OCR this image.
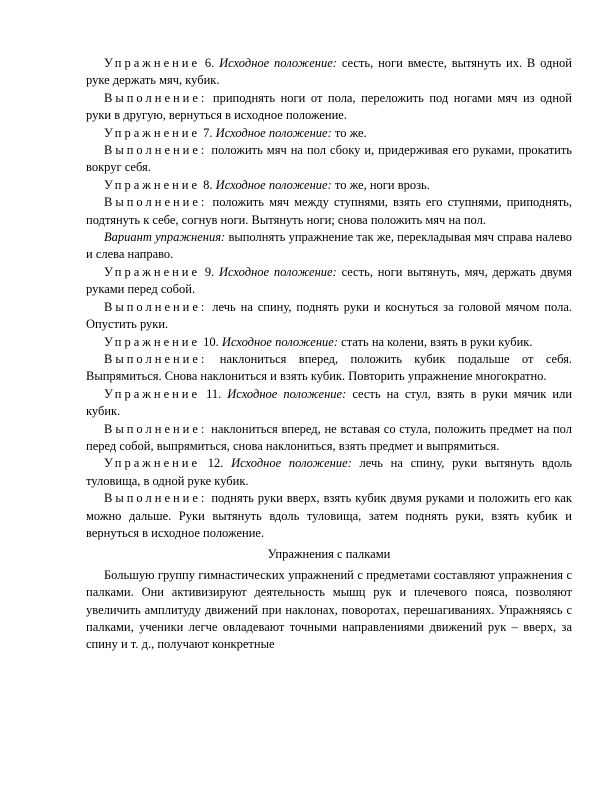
Упражнение 6. Исходное положение: сесть, ноги вместе, вытянуть их. В одной руке держать мяч, кубик.

Выполнение: приподнять ноги от пола, переложить под ногами мяч из одной руки в другую, вернуться в исходное положение.

Упражнение 7. Исходное положение: то же.

Выполнение: положить мяч на пол сбоку и, придерживая его руками, прокатить вокруг себя.

Упражнение 8. Исходное положение: то же, ноги врозь.

Выполнение: положить мяч между ступнями, взять его ступнями, приподнять, подтянуть к себе, согнув ноги. Вытянуть ноги; снова положить мяч на пол.

Вариант упражнения: выполнять упражнение так же, перекладывая мяч справа налево и слева направо.

Упражнение 9. Исходное положение: сесть, ноги вытянуть, мяч, держать двумя руками перед собой.

Выполнение: лечь на спину, поднять руки и коснуться за головой мячом пола. Опустить руки.

Упражнение 10. Исходное положение: стать на колени, взять в руки кубик.

Выполнение: наклониться вперед, положить кубик подальше от себя. Выпрямиться. Снова наклониться и взять кубик. Повторить упражнение многократно.

Упражнение 11. Исходное положение: сесть на стул, взять в руки мячик или кубик.

Выполнение: наклониться вперед, не вставая со стула, положить предмет на пол перед собой, выпрямиться, снова наклониться, взять предмет и выпрямиться.

Упражнение 12. Исходное положение: лечь на спину, руки вытянуть вдоль туловища, в одной руке кубик.

Выполнение: поднять руки вверх, взять кубик двумя руками и положить его как можно дальше. Руки вытянуть вдоль туловища, затем поднять руки, взять кубик и вернуться в исходное положение.

Упражнения с палками

Большую группу гимнастических упражнений с предметами составляют упражнения с палками. Они активизируют деятельность мышц рук и плечевого пояса, позволяют увеличить амплитуду движений при наклонах, поворотах, перешагиваниях. Упражняясь с палками, ученики легче овладевают точными направлениями движений рук – вверх, за спину и т. д., получают конкретные
